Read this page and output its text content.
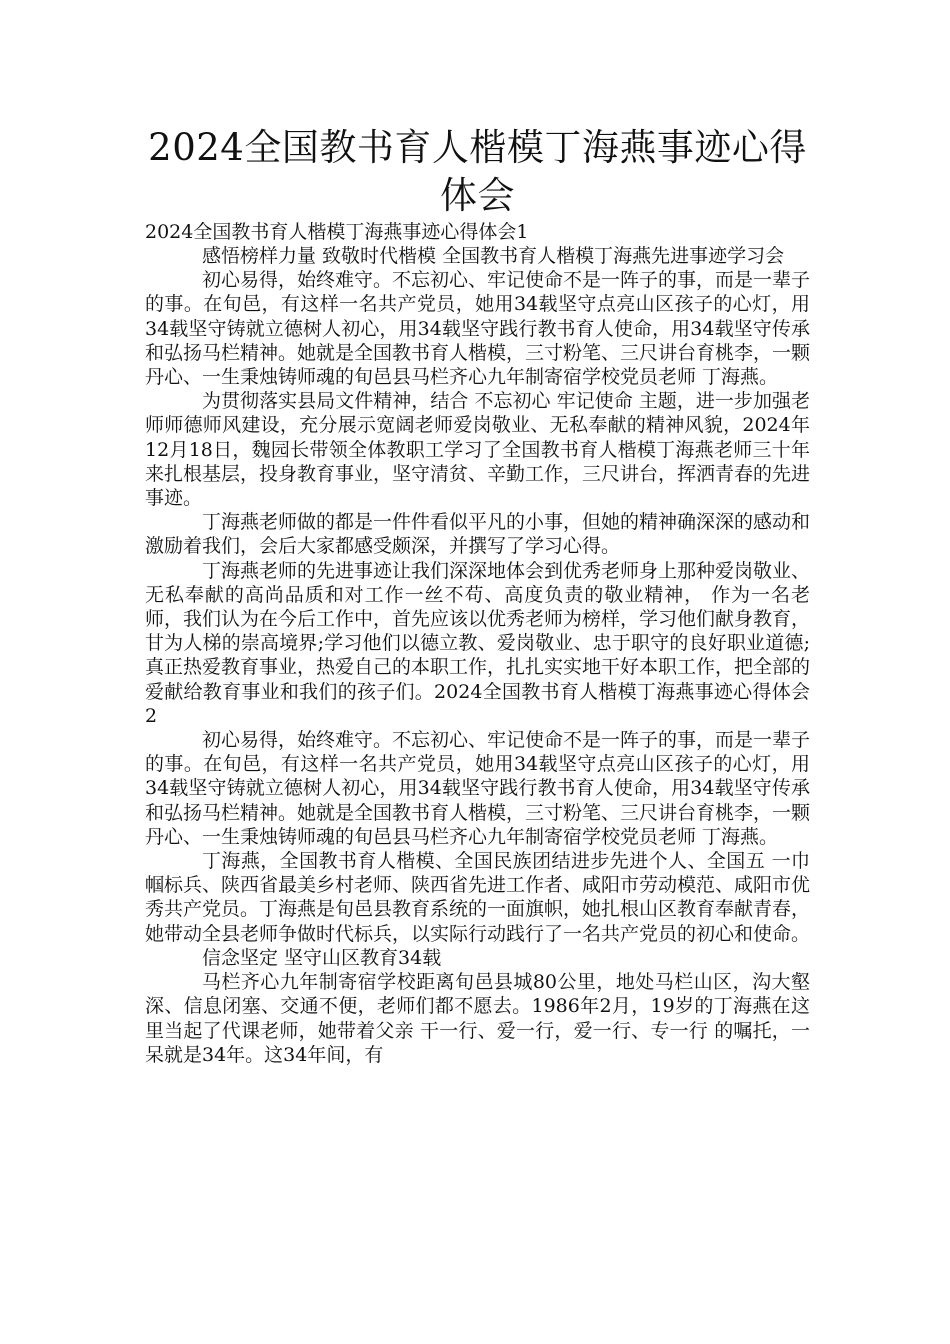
2024全国教书育人楷模丁海燕事迹心得体会

2024全国教书育人楷模丁海燕事迹心得体会1

感悟榜样力量 致敬时代楷模 全国教书育人楷模丁海燕先进事迹学习会

初心易得，始终难守。不忘初心、牢记使命不是一阵子的事，而是一辈子的事。在旬邑，有这样一名共产党员，她用34载坚守点亮山区孩子的心灯，用34载坚守铸就立德树人初心，用34载坚守践行教书育人使命，用34载坚守传承和弘扬马栏精神。她就是全国教书育人楷模，三寸粉笔、三尺讲台育桃李，一颗丹心、一生秉烛铸师魂的旬邑县马栏齐心九年制寄宿学校党员老师 丁海燕。

为贯彻落实县局文件精神，结合 不忘初心 牢记使命 主题，进一步加强老师师德师风建设，充分展示宽阔老师爱岗敬业、无私奉献的精神风貌，2024年12月18日，魏园长带领全体教职工学习了全国教书育人楷模丁海燕老师三十年来扎根基层，投身教育事业，坚守清贫、辛勤工作，三尺讲台，挥洒青春的先进事迹。

丁海燕老师做的都是一件件看似平凡的小事，但她的精神确深深的感动和激励着我们，会后大家都感受颇深，并撰写了学习心得。

丁海燕老师的先进事迹让我们深深地体会到优秀老师身上那种爱岗敬业、无私奉献的高尚品质和对工作一丝不苟、高度负责的敬业精神， 作为一名老师，我们认为在今后工作中，首先应该以优秀老师为榜样，学习他们献身教育，甘为人梯的崇高境界;学习他们以德立教、爱岗敬业、忠于职守的良好职业道德;真正热爱教育事业，热爱自己的本职工作，扎扎实实地干好本职工作，把全部的爱献给教育事业和我们的孩子们。2024全国教书育人楷模丁海燕事迹心得体会2

初心易得，始终难守。不忘初心、牢记使命不是一阵子的事，而是一辈子的事。在旬邑，有这样一名共产党员，她用34载坚守点亮山区孩子的心灯，用34载坚守铸就立德树人初心，用34载坚守践行教书育人使命，用34载坚守传承和弘扬马栏精神。她就是全国教书育人楷模，三寸粉笔、三尺讲台育桃李，一颗丹心、一生秉烛铸师魂的旬邑县马栏齐心九年制寄宿学校党员老师 丁海燕。

丁海燕，全国教书育人楷模、全国民族团结进步先进个人、全国五 一巾帼标兵、陕西省最美乡村老师、陕西省先进工作者、咸阳市劳动模范、咸阳市优秀共产党员。丁海燕是旬邑县教育系统的一面旗帜，她扎根山区教育奉献青春，她带动全县老师争做时代标兵，以实际行动践行了一名共产党员的初心和使命。

信念坚定 坚守山区教育34载

马栏齐心九年制寄宿学校距离旬邑县城80公里，地处马栏山区，沟大壑深、信息闭塞、交通不便，老师们都不愿去。1986年2月，19岁的丁海燕在这里当起了代课老师，她带着父亲 干一行、爱一行，爱一行、专一行 的嘱托，一呆就是34年。这34年间，有
